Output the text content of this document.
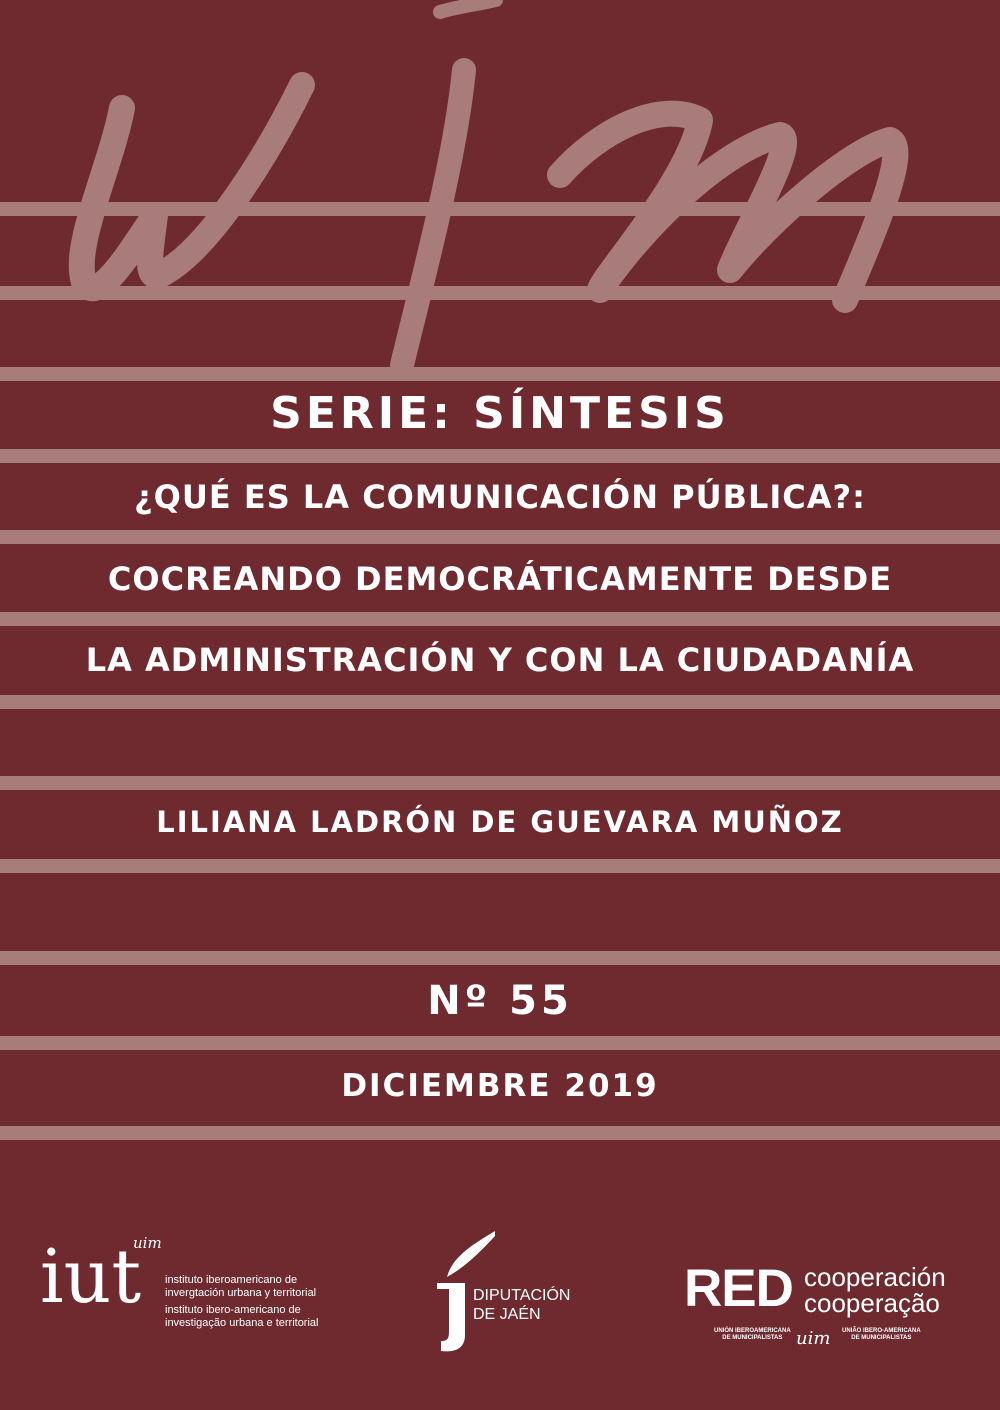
SERIE: SÍNTESIS
¿QUÉ ES LA COMUNICACIÓN PÚBLICA?:
COCREANDO DEMOCRÁTICAMENTE DESDE
LA ADMINISTRACIÓN Y CON LA CIUDADANÍA
LILIANA LADRÓN DE GUEVARA MUÑOZ
Nº 55
DICIEMBRE 2019
iut
uim
instituto iberoamericano de
invergtación urbana y territorial
instituto ibero-americano de
investigação urbana e territorial
DIPUTACIÓN
DE JAÉN	RED cooperación
cooperação
UNIÓN IBEROAMERICANA
DE MUNICIPALISTAS uim UNIÃO IBERO-AMERICANA
DE MUNICIPALISTAS
